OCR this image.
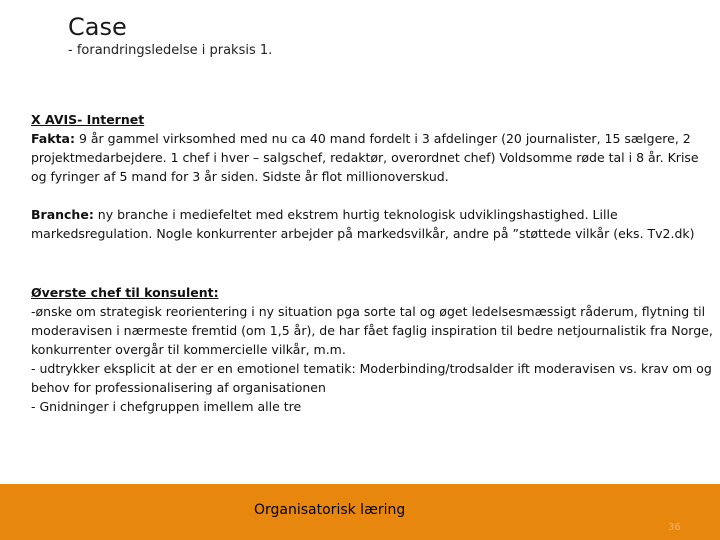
Case
- forandringsledelse i praksis 1.

X AVIS- Internet

Fakta: 9 år gammel virksomhed med nu ca 40 mand fordelt i 3 afdelinger (20 journalister, 15 sælgere, 2 projektmedarbejdere. 1 chef i hver – salgschef, redaktør, overordnet chef) Voldsomme røde tal i 8 år. Krise og fyringer af 5 mand for 3 år siden. Sidste år flot millionoverskud.

Branche: ny branche i mediefeltet med ekstrem hurtig teknologisk udviklingshastighed. Lille markedsregulation. Nogle konkurrenter arbejder på markedsvilkår, andre på ”støttede vilkår (eks. Tv2.dk)

Øverste chef til konsulent:

-ønske om strategisk reorientering i ny situation pga sorte tal og øget ledelsesmæssigt råderum, flytning til moderavisen i nærmeste fremtid (om 1,5 år), de har fået faglig inspiration til bedre netjournalistik fra Norge, konkurrenter overgår til kommercielle vilkår, m.m.

- udtrykker eksplicit at der er en emotionel tematik: Moderbinding/trodsalder ift moderavisen vs. krav om og behov for professionalisering af organisationen

- Gnidninger i chefgruppen imellem alle tre

Organisatorisk læring
36
